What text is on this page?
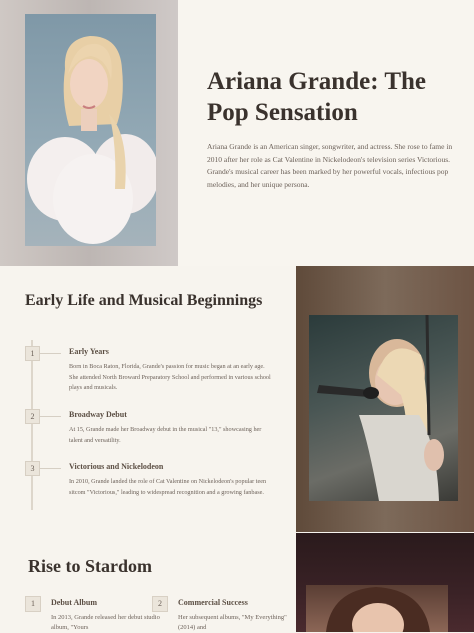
Ariana Grande: The Pop Sensation

Ariana Grande is an American singer, songwriter, and actress. She rose to fame in 2010 after her role as Cat Valentine in Nickelodeon's television series Victorious. Grande's musical career has been marked by her powerful vocals, infectious pop melodies, and her unique persona.

Early Life and Musical Beginnings
1	Early Years

Born in Boca Raton, Florida, Grande's passion for music began at an early age. She attended North Broward Preparatory School and performed in various school plays and musicals.

2	Broadway Debut

At 15, Grande made her Broadway debut in the musical "13," showcasing her talent and versatility.

3	Victorious and Nickelodeon

In 2010, Grande landed the role of Cat Valentine on Nickelodeon's popular teen sitcom "Victorious," leading to widespread recognition and a growing fanbase.

Rise to Stardom
1	Debut Album

In 2013, Grande released her debut studio album, "Yours

2	Commercial Success

Her subsequent albums, "My Everything" (2014) and
